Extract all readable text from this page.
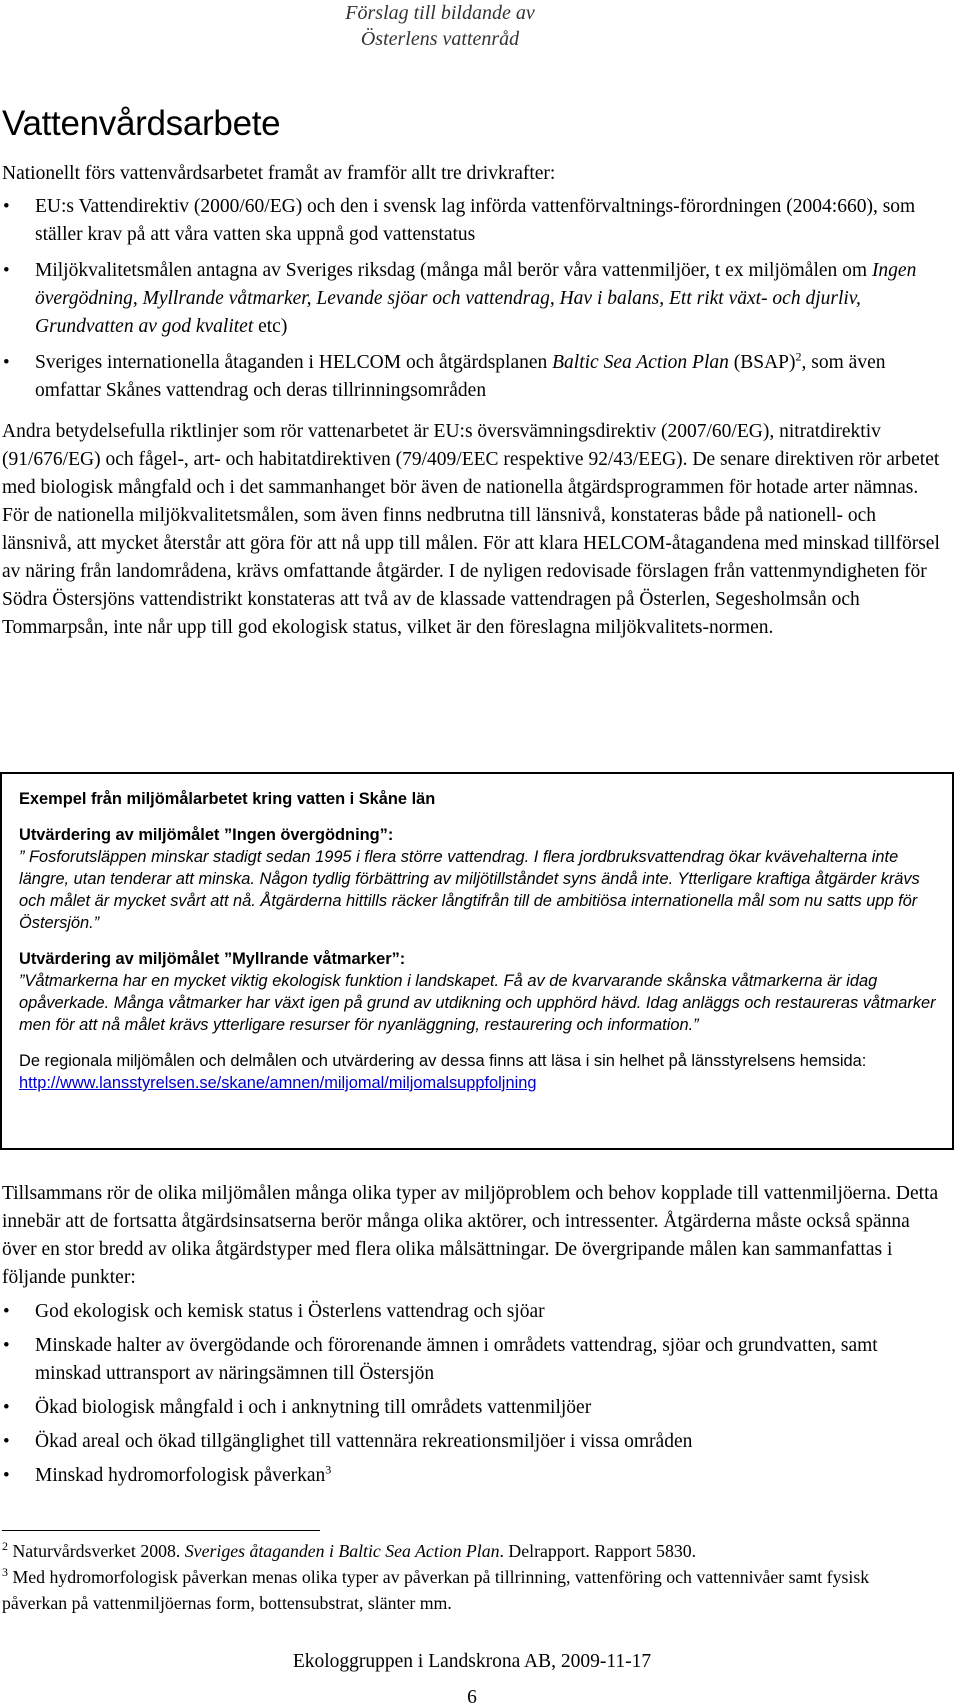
Förslag till bildande av
Österlens vattenråd
Vattenvårdsarbete

Nationellt förs vattenvårdsarbetet framåt av framför allt tre drivkrafter:

• EU:s Vattendirektiv (2000/60/EG) och den i svensk lag införda vattenförvaltnings-förordningen (2004:660), som ställer krav på att våra vatten ska uppnå god vattenstatus
• Miljökvalitetsmålen antagna av Sveriges riksdag (många mål berör våra vattenmiljöer, t ex miljömålen om Ingen övergödning, Myllrande våtmarker, Levande sjöar och vattendrag, Hav i balans, Ett rikt växt- och djurliv, Grundvatten av god kvalitet etc)
• Sveriges internationella åtaganden i HELCOM och åtgärdsplanen Baltic Sea Action Plan (BSAP)$^2$, som även omfattar Skånes vattendrag och deras tillrinningsområden

Andra betydelsefulla riktlinjer som rör vattenarbetet är EU:s översvämningsdirektiv (2007/60/EG), nitratdirektiv (91/676/EG) och fågel-, art- och habitatdirektiven (79/409/EEC respektive 92/43/EEG). De senare direktiven rör arbetet med biologisk mångfald och i det sammanhanget bör även de nationella åtgärdsprogrammen för hotade arter nämnas. För de nationella miljökvalitetsmålen, som även finns nedbrutna till länsnivå, konstateras både på nationell- och länsnivå, att mycket återstår att göra för att nå upp till målen. För att klara HELCOM-åtagandena med minskad tillförsel av näring från landområdena, krävs omfattande åtgärder. I de nyligen redovisade förslagen från vattenmyndigheten för Södra Östersjöns vattendistrikt konstateras att två av de klassade vattendragen på Österlen, Segesholmsån och Tommarpsån, inte når upp till god ekologisk status, vilket är den föreslagna miljökvalitets-normen.

Exempel från miljömålarbetet kring vatten i Skåne län

Utvärdering av miljömålet ”Ingen övergödning”:

” Fosforutsläppen minskar stadigt sedan 1995 i flera större vattendrag. I flera jordbruksvattendrag ökar kvävehalterna inte längre, utan tenderar att minska. Någon tydlig förbättring av miljötillståndet syns ändå inte. Ytterligare kraftiga åtgärder krävs och målet är mycket svårt att nå. Åtgärderna hittills räcker långtifrån till de ambitiösa internationella mål som nu satts upp för Östersjön.”

Utvärdering av miljömålet ”Myllrande våtmarker”:

”Våtmarkerna har en mycket viktig ekologisk funktion i landskapet. Få av de kvarvarande skånska våtmarkerna är idag opåverkade. Många våtmarker har växt igen på grund av utdikning och upphörd hävd. Idag anläggs och restaureras våtmarker men för att nå målet krävs ytterligare resurser för nyanläggning, restaurering och information.”

De regionala miljömålen och delmålen och utvärdering av dessa finns att läsa i sin helhet på länsstyrelsens hemsida: http://www.lansstyrelsen.se/skane/amnen/miljomal/miljomalsuppfoljning

Tillsammans rör de olika miljömålen många olika typer av miljöproblem och behov kopplade till vattenmiljöerna. Detta innebär att de fortsatta åtgärdsinsatserna berör många olika aktörer, och intressenter. Åtgärderna måste också spänna över en stor bredd av olika åtgärdstyper med flera olika målsättningar. De övergripande målen kan sammanfattas i följande punkter:

• God ekologisk och kemisk status i Österlens vattendrag och sjöar
• Minskade halter av övergödande och förorenande ämnen i områdets vattendrag, sjöar och grundvatten, samt minskad uttransport av näringsämnen till Östersjön
• Ökad biologisk mångfald i och i anknytning till områdets vattenmiljöer
• Ökad areal och ökad tillgänglighet till vattennära rekreationsmiljöer i vissa områden
• Minskad hydromorfologisk påverkan$^3$

$^2$ Naturvårdsverket 2008. Sveriges åtaganden i Baltic Sea Action Plan. Delrapport. Rapport 5830.

$^3$ Med hydromorfologisk påverkan menas olika typer av påverkan på tillrinning, vattenföring och vattennivåer samt fysisk påverkan på vattenmiljöernas form, bottensubstrat, slänter mm.

Ekologgruppen i Landskrona AB, 2009-11-17
6
